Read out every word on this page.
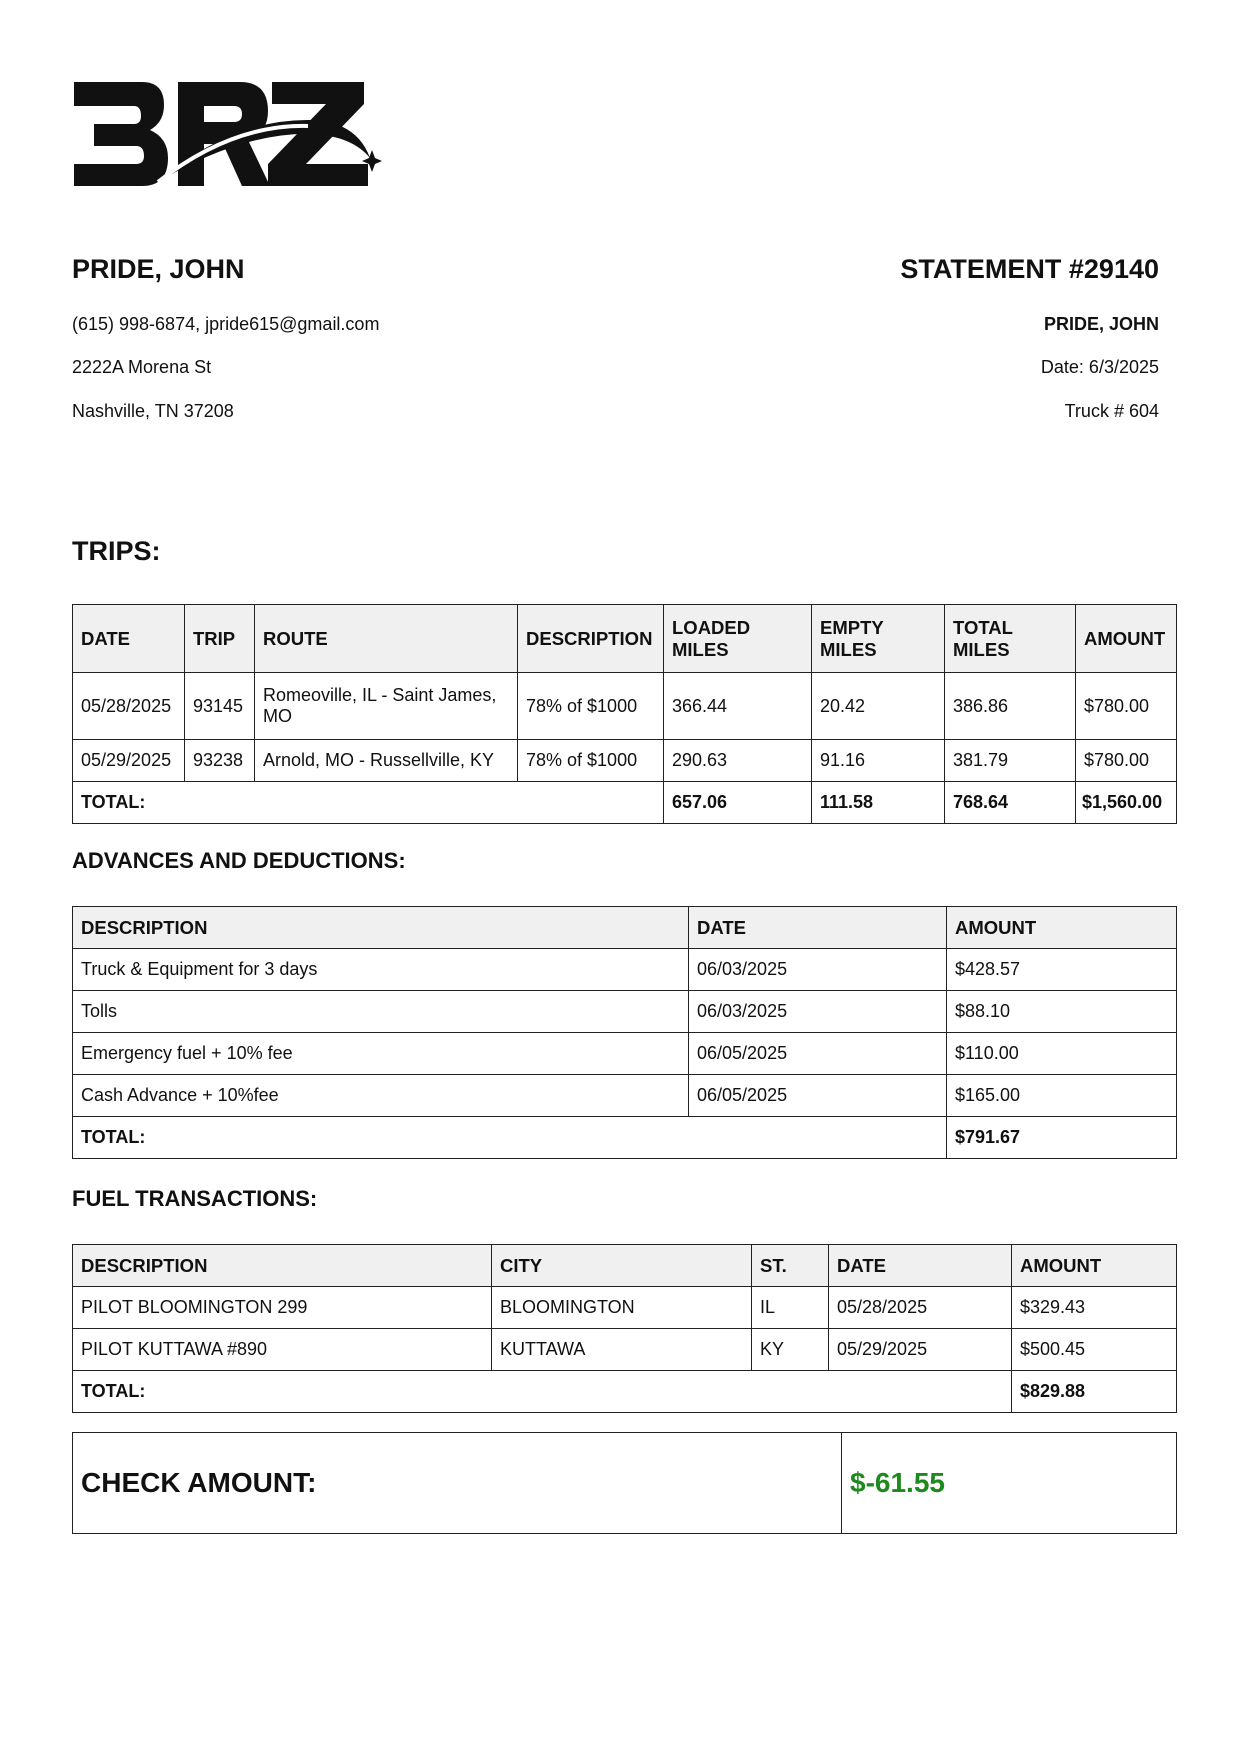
PRIDE, JOHN
(615) 998-6874, jpride615@gmail.com
2222A Morena St
Nashville, TN 37208
STATEMENT #29140
PRIDE, JOHN
Date: 6/3/2025
Truck # 604
TRIPS:
DATE	TRIP	ROUTE	DESCRIPTION	LOADED MILES	EMPTY MILES	TOTAL MILES	AMOUNT
05/28/2025	93145	Romeoville, IL - Saint James, MO	78% of $1000	366.44	20.42	386.86	$780.00
05/29/2025	93238	Arnold, MO - Russellville, KY	78% of $1000	290.63	91.16	381.79	$780.00
TOTAL:				657.06	111.58	768.64	$1,560.00
ADVANCES AND DEDUCTIONS:
DESCRIPTION	DATE	AMOUNT
Truck & Equipment for 3 days	06/03/2025	$428.57
Tolls	06/03/2025	$88.10
Emergency fuel + 10% fee	06/05/2025	$110.00
Cash Advance + 10%fee	06/05/2025	$165.00
TOTAL:		$791.67
FUEL TRANSACTIONS:
DESCRIPTION	CITY	ST.	DATE	AMOUNT
PILOT BLOOMINGTON 299	BLOOMINGTON	IL	05/28/2025	$329.43
PILOT KUTTAWA #890	KUTTAWA	KY	05/29/2025	$500.45
TOTAL:				$829.88
CHECK AMOUNT:	$-61.55
